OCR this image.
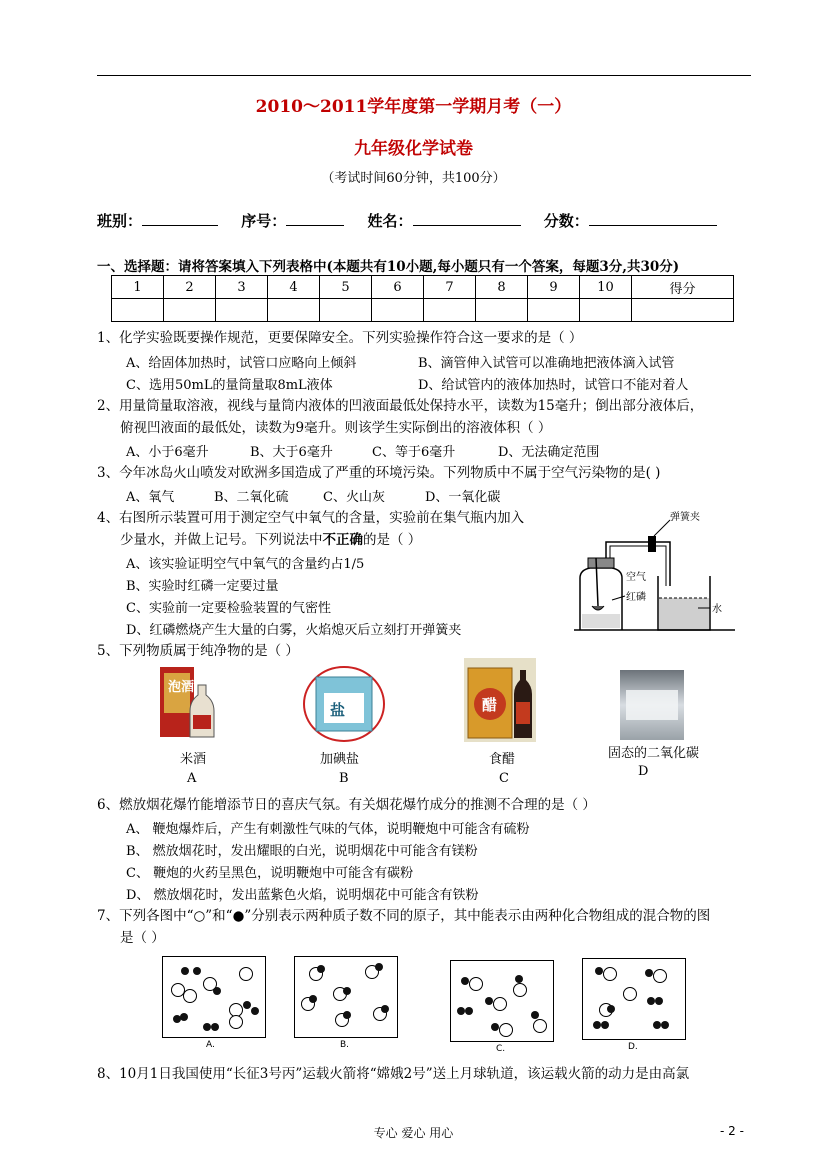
2010～2011学年度第一学期月考（一）
九年级化学试卷
（考试时间60分钟，共100分）
班别：	序号：	姓名：	分数：
一、选择题：请将答案填入下列表格中(本题共有10小题,每小题只有一个答案，每题3分,共30分)
1	2	3	4	5	6	7	8	9	10	得分

1、化学实验既要操作规范，更要保障安全。下列实验操作符合这一要求的是（ ）
A、给固体加热时，试管口应略向上倾斜	B、滴管伸入试管可以准确地把液体滴入试管
C、选用50mL的量筒量取8mL液体	D、给试管内的液体加热时，试管口不能对着人
2、用量筒量取溶液，视线与量筒内液体的凹液面最低处保持水平，读数为15毫升；倒出部分液体后，
俯视凹液面的最低处，读数为9毫升。则该学生实际倒出的溶液体积（ ）
A、小于6毫升	B、大于6毫升	C、等于6毫升	D、无法确定范围
3、今年冰岛火山喷发对欧洲多国造成了严重的环境污染。下列物质中不属于空气污染物的是( )
A、氧气	B、二氧化硫	C、火山灰	D、一氧化碳
4、右图所示装置可用于测定空气中氧气的含量，实验前在集气瓶内加入
少量水，并做上记号。下列说法中不正确的是（ ）
A、该实验证明空气中氧气的含量约占1/5
B、实验时红磷一定要过量
C、实验前一定要检验装置的气密性
D、红磷燃烧产生大量的白雾，火焰熄灭后立刻打开弹簧夹
弹簧夹
空气
红磷
水
5、下列物质属于纯净物的是（ ）
泡酒
米酒
A
盐
加碘盐
B
醋
食醋
C
固态的二氧化碳
D
6、燃放烟花爆竹能增添节日的喜庆气氛。有关烟花爆竹成分的推测不合理的是（ ）
A、 鞭炮爆炸后，产生有刺激性气味的气体，说明鞭炮中可能含有硫粉
B、 燃放烟花时，发出耀眼的白光，说明烟花中可能含有镁粉
C、 鞭炮的火药呈黑色，说明鞭炮中可能含有碳粉
D、 燃放烟花时，发出蓝紫色火焰，说明烟花中可能含有铁粉
7、下列各图中“○”和“●”分别表示两种质子数不同的原子，其中能表示由两种化合物组成的混合物的图
是（ ）
A.	B.	C.	D.
8、10月1日我国使用“长征3号丙”运载火箭将“嫦娥2号”送上月球轨道，该运载火箭的动力是由高氯
专心 爱心 用心	- 2 -
